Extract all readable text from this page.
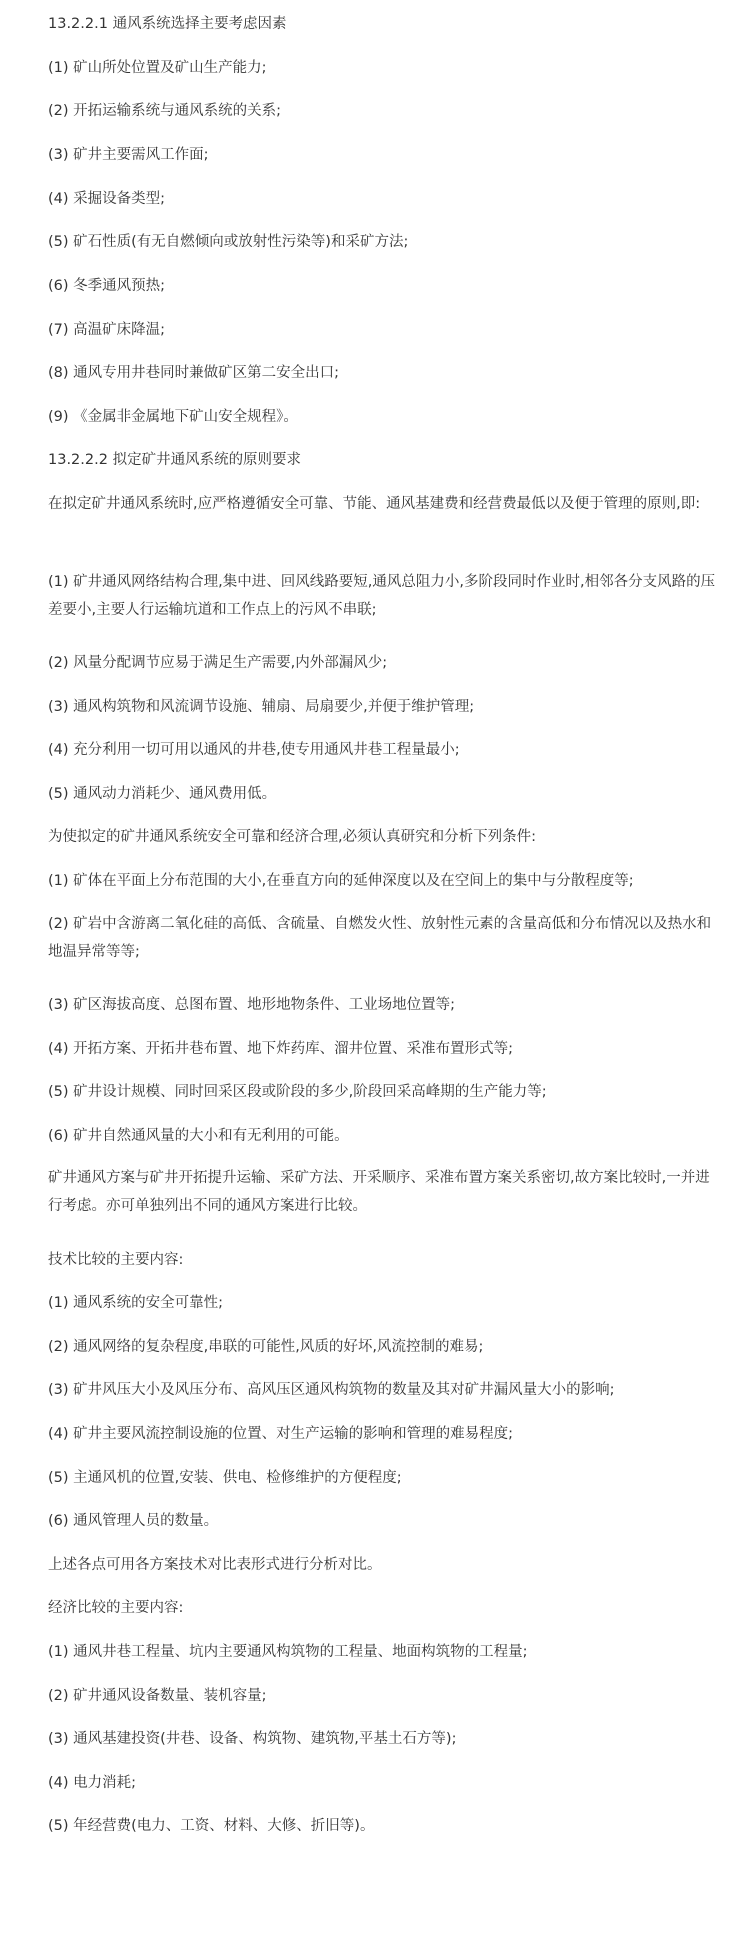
13.2.2.1 通风系统选择主要考虑因素
(1) 矿山所处位置及矿山生产能力;
(2) 开拓运输系统与通风系统的关系;
(3) 矿井主要需风工作面;
(4) 采掘设备类型;
(5) 矿石性质(有无自燃倾向或放射性污染等)和采矿方法;
(6) 冬季通风预热;
(7) 高温矿床降温;
(8) 通风专用井巷同时兼做矿区第二安全出口;
(9) 《金属非金属地下矿山安全规程》。
13.2.2.2 拟定矿井通风系统的原则要求
在拟定矿井通风系统时,应严格遵循安全可靠、节能、通风基建费和经营费最低以及便于管理的原则,即:
(1) 矿井通风网络结构合理,集中进、回风线路要短,通风总阻力小,多阶段同时作业时,相邻各分支风路的压差要小,主要人行运输坑道和工作点上的污风不串联;
(2) 风量分配调节应易于满足生产需要,内外部漏风少;
(3) 通风构筑物和风流调节设施、辅扇、局扇要少,并便于维护管理;
(4) 充分利用一切可用以通风的井巷,使专用通风井巷工程量最小;
(5) 通风动力消耗少、通风费用低。
为使拟定的矿井通风系统安全可靠和经济合理,必须认真研究和分析下列条件:
(1) 矿体在平面上分布范围的大小,在垂直方向的延伸深度以及在空间上的集中与分散程度等;
(2) 矿岩中含游离二氧化硅的高低、含硫量、自燃发火性、放射性元素的含量高低和分布情况以及热水和地温异常等等;
(3) 矿区海拔高度、总图布置、地形地物条件、工业场地位置等;
(4) 开拓方案、开拓井巷布置、地下炸药库、溜井位置、采准布置形式等;
(5) 矿井设计规模、同时回采区段或阶段的多少,阶段回采高峰期的生产能力等;
(6) 矿井自然通风量的大小和有无利用的可能。
矿井通风方案与矿井开拓提升运输、采矿方法、开采顺序、采准布置方案关系密切,故方案比较时,一并进行考虑。亦可单独列出不同的通风方案进行比较。
技术比较的主要内容:
(1) 通风系统的安全可靠性;
(2) 通风网络的复杂程度,串联的可能性,风质的好坏,风流控制的难易;
(3) 矿井风压大小及风压分布、高风压区通风构筑物的数量及其对矿井漏风量大小的影响;
(4) 矿井主要风流控制设施的位置、对生产运输的影响和管理的难易程度;
(5) 主通风机的位置,安装、供电、检修维护的方便程度;
(6) 通风管理人员的数量。
上述各点可用各方案技术对比表形式进行分析对比。
经济比较的主要内容:
(1) 通风井巷工程量、坑内主要通风构筑物的工程量、地面构筑物的工程量;
(2) 矿井通风设备数量、装机容量;
(3) 通风基建投资(井巷、设备、构筑物、建筑物,平基土石方等);
(4) 电力消耗;
(5) 年经营费(电力、工资、材料、大修、折旧等)。
